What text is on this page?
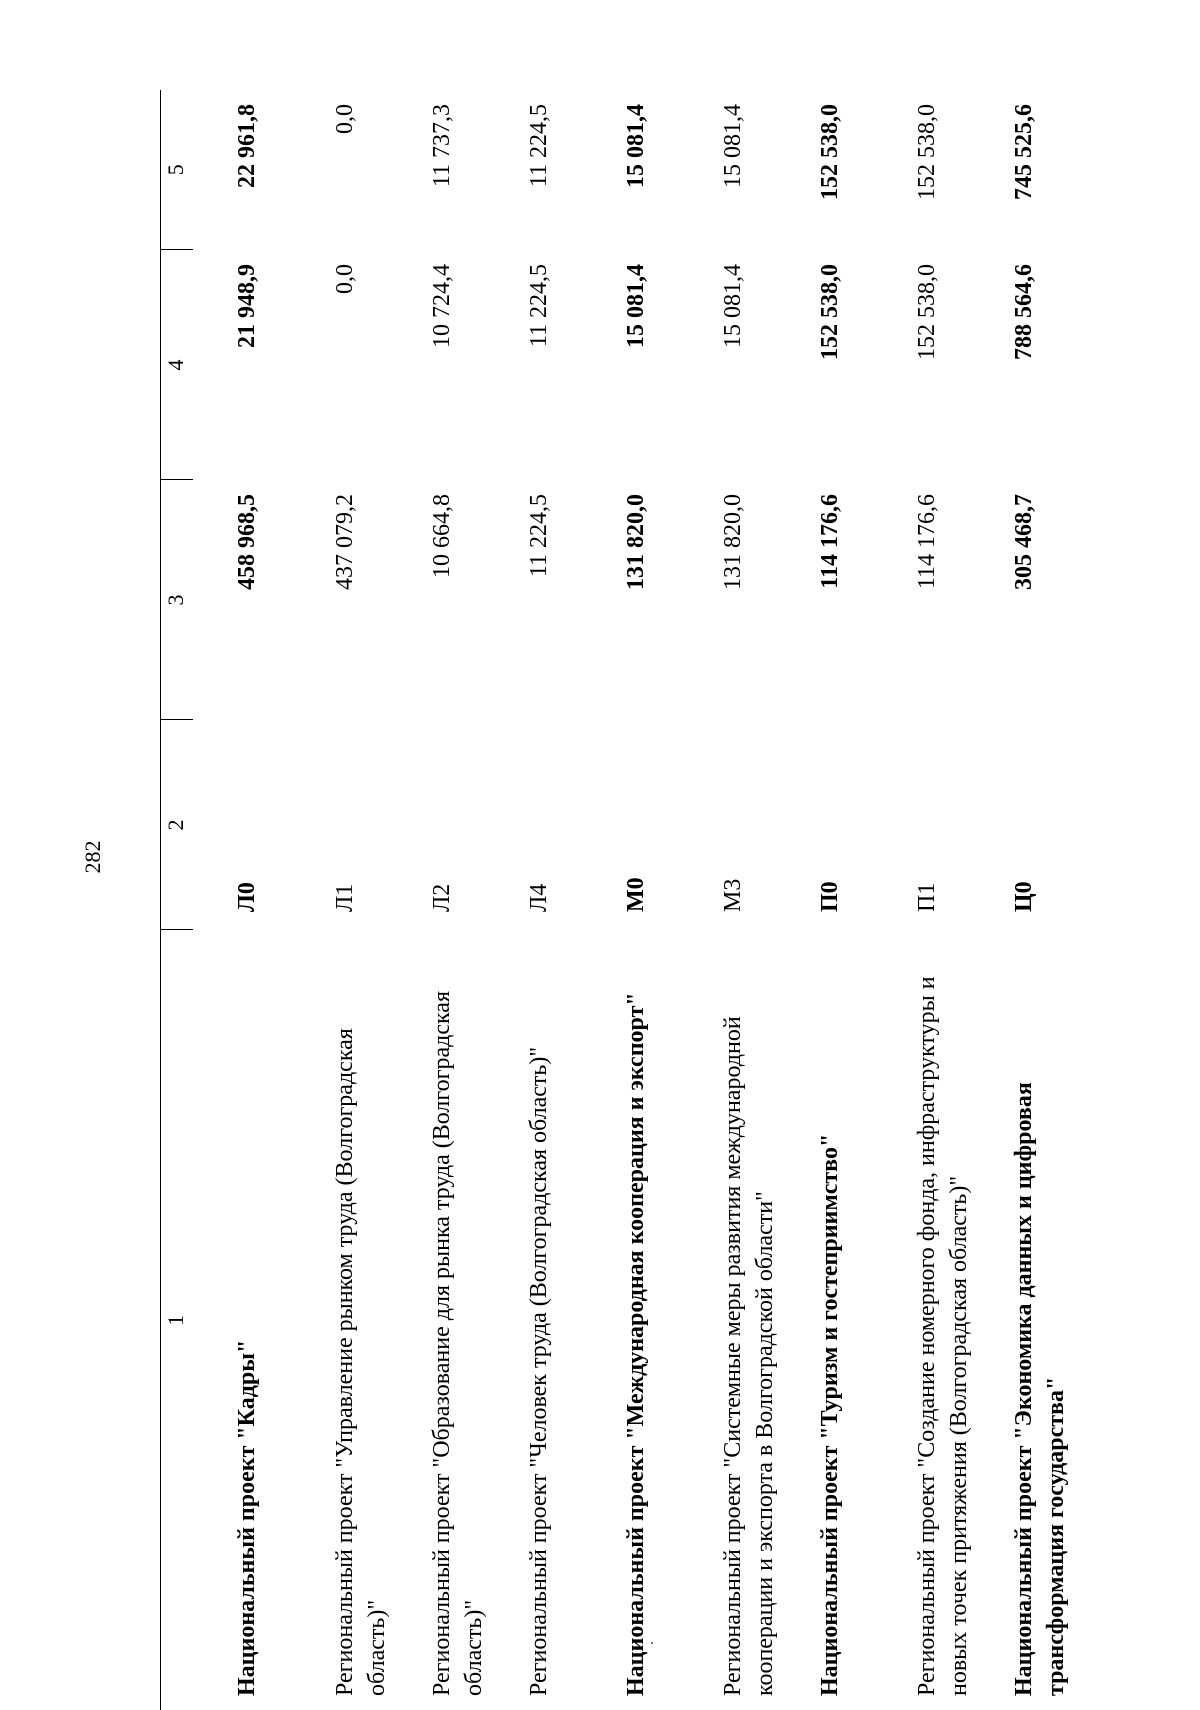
282
1	2	3	4	5
Национальный проект "Кадры"	Л0	458 968,5	21 948,9	22 961,8
Региональный проект "Управление рынком труда (Волгоградская область)"	Л1	437 079,2	0,0	0,0
Региональный проект "Образование для рынка труда (Волгоградская область)"	Л2	10 664,8	10 724,4	11 737,3
Региональный проект "Человек труда (Волгоградская область)"	Л4	11 224,5	11 224,5	11 224,5
Национальный проект "Международная кооперация и экспорт"	М0	131 820,0	15 081,4	15 081,4
Региональный проект "Системные меры развития международной кооперации и экспорта в Волгоградской области"	М3	131 820,0	15 081,4	15 081,4
Национальный проект "Туризм и гостеприимство"	П0	114 176,6	152 538,0	152 538,0
Региональный проект "Создание номерного фонда, инфраструктуры и новых точек притяжения (Волгоградская область)"	П1	114 176,6	152 538,0	152 538,0
Национальный проект "Экономика данных и цифровая трансформация государства"	Ц0	305 468,7	788 564,6	745 525,6
